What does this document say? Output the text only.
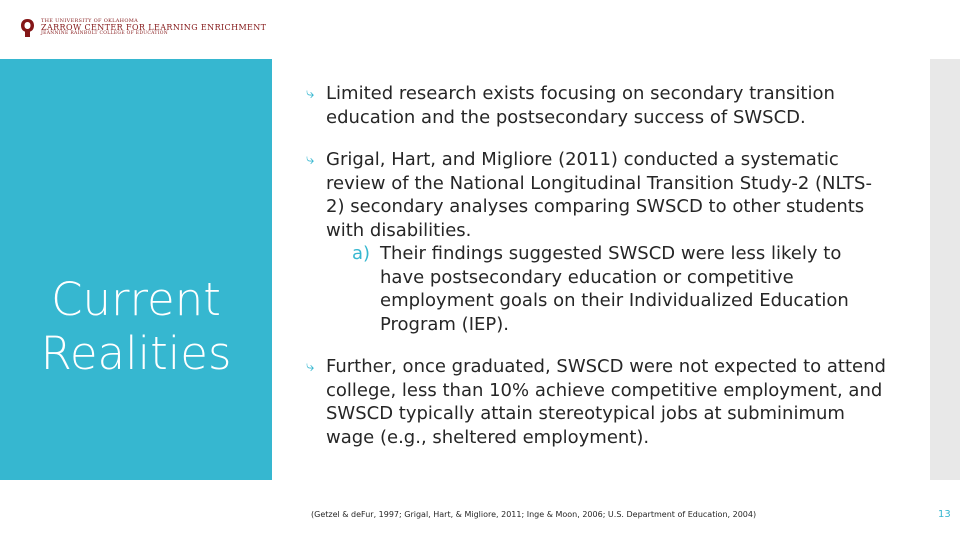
THE UNIVERSITY OF OKLAHOMA
ZARROW CENTER FOR LEARNING ENRICHMENT
JEANNINE RAINBOLT COLLEGE OF EDUCATION
Current
Realities
⤷ Limited research exists focusing on secondary transition education and the postsecondary success of SWSCD.
⤷ Grigal, Hart, and Migliore (2011) conducted a systematic review of the National Longitudinal Transition Study-2 (NLTS-2) secondary analyses comparing SWSCD to other students with disabilities.
a) Their findings suggested SWSCD were less likely to have postsecondary education or competitive employment goals on their Individualized Education Program (IEP).
⤷ Further, once graduated, SWSCD were not expected to attend college, less than 10% achieve competitive employment, and SWSCD typically attain stereotypical jobs at subminimum wage (e.g., sheltered employment).
(Getzel & deFur, 1997; Grigal, Hart, & Migliore, 2011; Inge & Moon, 2006; U.S. Department of Education, 2004)	13
